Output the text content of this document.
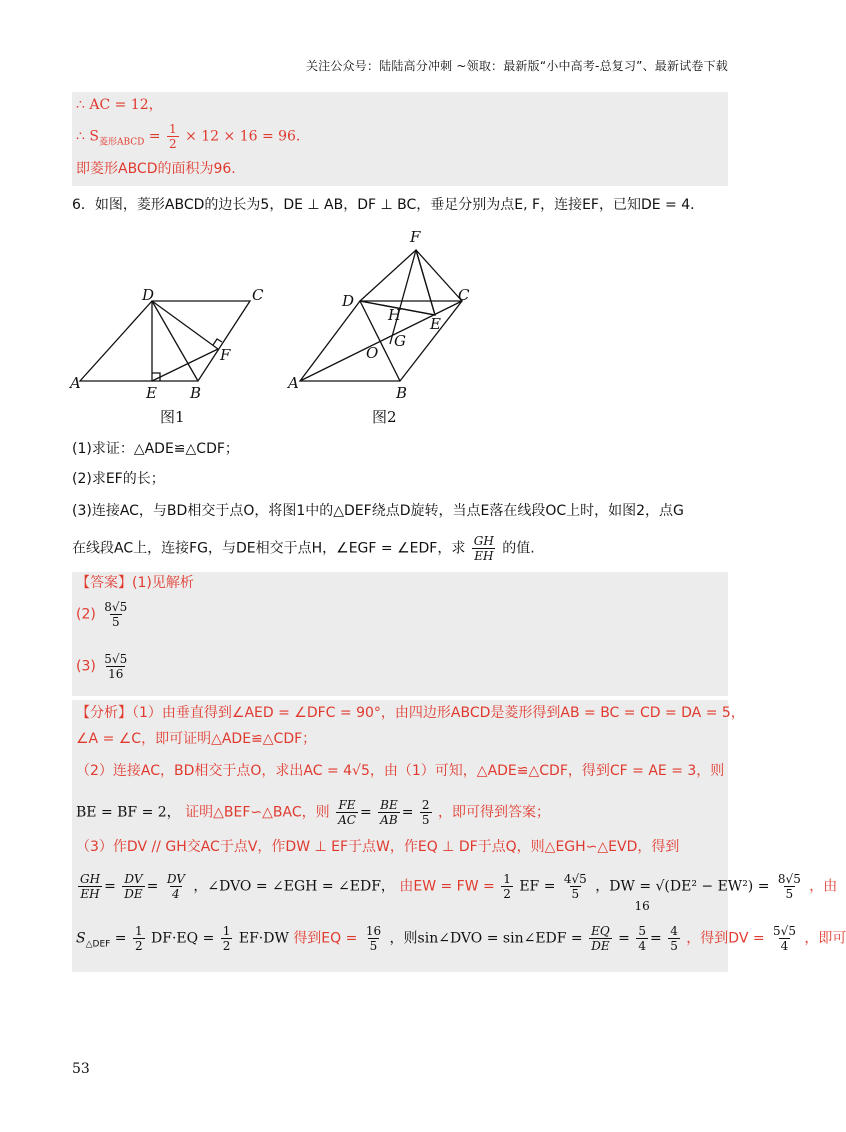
关注公众号：陆陆高分冲刺 ~领取：最新版“小中高考-总复习”、最新试卷下载
∴ AC = 12，
∴ $S_{菱形ABCD} = \frac{1}{2} \times 12 \times 16 = 96$．
即菱形ABCD的面积为96.
6．如图，菱形ABCD的边长为5，DE ⊥ AB，DF ⊥ BC，垂足分别为点E, F，连接EF，已知DE = 4．
D	C
A
E B
F
图1
F
D	C
H E
G
O
A
B
图2
(1)求证：△ADE≌△CDF；
(2)求EF的长；
(3)连接AC，与BD相交于点O，将图1中的△DEF绕点D旋转，当点E落在线段OC上时，如图2，点G
在线段AC上，连接FG，与DE相交于点H，∠EGF = ∠EDF，求 $\frac{GH}{EH}$ 的值.
【答案】(1)见解析
$(2) \frac{8√5}{5}$
$(3) \frac{5√5}{16}$
【分析】（1）由垂直得到∠AED = ∠DFC = 90°，由四边形ABCD是菱形得到AB = BC = CD = DA = 5，
∠A = ∠C，即可证明△ADE≌△CDF；
（2）连接AC，BD相交于点O，求出AC = 4√5，由（1）可知，△ADE≌△CDF，得到CF = AE = 3，则
BE = BF = 2， 证明△BEF∽△BAC，则 $\frac{FE}{AC} = \frac{BE}{AB} = \frac{2}{5}$ ，即可得到答案；
（3）作DV // GH交AC于点V，作DW ⊥ EF于点W，作EQ ⊥ DF于点Q，则△EGH∽△EVD，得到
$\frac{GH}{EH} = \frac{DV}{DE} = \frac{DV}{4}$ ，∠DVO = ∠EGH = ∠EDF， 由EW = FW = $\frac{1}{2}$ EF = $\frac{4√5}{5}$ ，DW = $√(DE^2 - EW^2) = \frac{8√5}{5}$ ，由
$S_{\triangle DEF} = \frac{1}{2} DF\cdot EQ = \frac{1}{2} EF\cdot DW$ 得到EQ = $\frac{16}{5}$ ，则sin∠DVO = sin∠EDF = $\frac{EQ}{DE}$ =
16
5
$4 = \frac{4}{5}$ ，得到DV = $\frac{5√5}{4}$ ，即可
53
